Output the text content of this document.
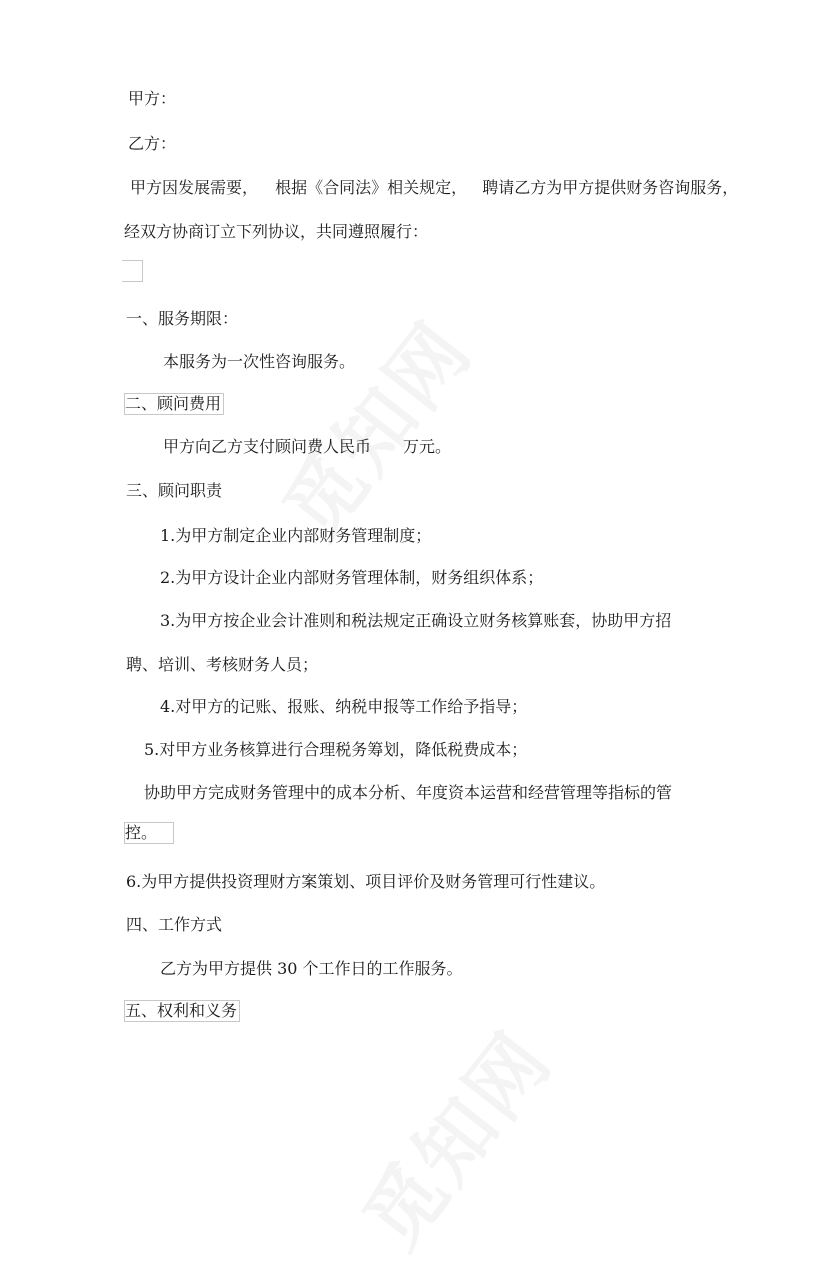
甲方：
乙方：
甲方因发展需要， 根据《合同法》相关规定， 聘请乙方为甲方提供财务咨询服务，
经双方协商订立下列协议，共同遵照履行：
一、服务期限：
本服务为一次性咨询服务。
二、顾问费用
甲方向乙方支付顾问费人民币 万元。
三、顾问职责
1.为甲方制定企业内部财务管理制度；
2.为甲方设计企业内部财务管理体制，财务组织体系；
3.为甲方按企业会计准则和税法规定正确设立财务核算账套，协助甲方招
聘、培训、考核财务人员；
4.对甲方的记账、报账、纳税申报等工作给予指导；
5.对甲方业务核算进行合理税务筹划，降低税费成本；
协助甲方完成财务管理中的成本分析、年度资本运营和经营管理等指标的管
控。
6.为甲方提供投资理财方案策划、项目评价及财务管理可行性建议。
四、工作方式
乙方为甲方提供 30 个工作日的工作服务。
五、权利和义务
